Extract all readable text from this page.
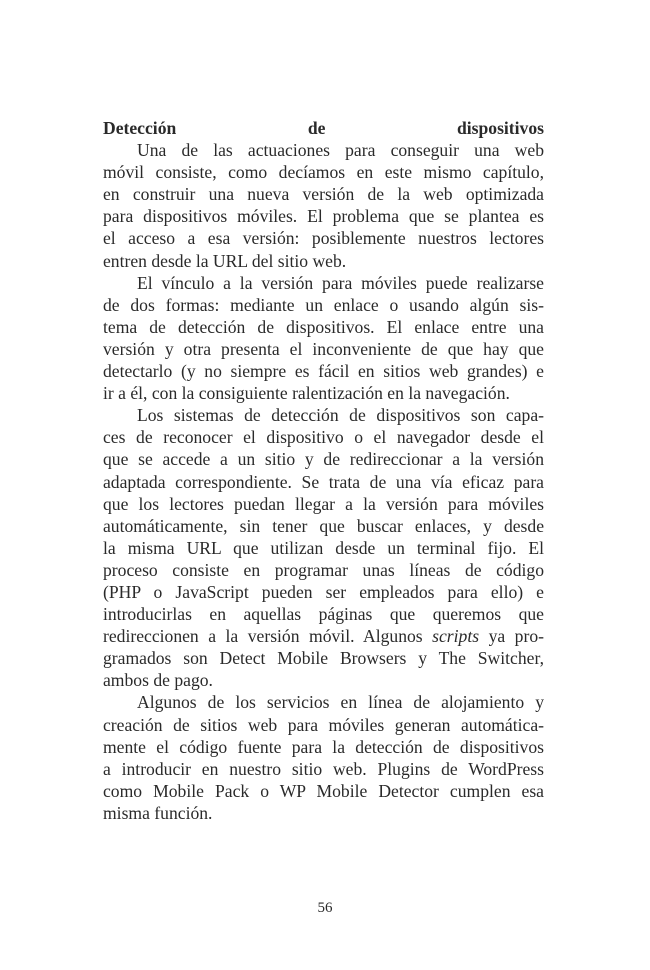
Detección de dispositivos
Una de las actuaciones para conseguir una web
móvil consiste, como decíamos en este mismo capítulo,
en construir una nueva versión de la web optimizada
para dispositivos móviles. El problema que se plantea es
el acceso a esa versión: posiblemente nuestros lectores
entren desde la URL del sitio web.
El vínculo a la versión para móviles puede realizarse
de dos formas: mediante un enlace o usando algún sis-
tema de detección de dispositivos. El enlace entre una
versión y otra presenta el inconveniente de que hay que
detectarlo (y no siempre es fácil en sitios web grandes) e
ir a él, con la consiguiente ralentización en la navegación.
Los sistemas de detección de dispositivos son capa-
ces de reconocer el dispositivo o el navegador desde el
que se accede a un sitio y de redireccionar a la versión
adaptada correspondiente. Se trata de una vía eficaz para
que los lectores puedan llegar a la versión para móviles
automáticamente, sin tener que buscar enlaces, y desde
la misma URL que utilizan desde un terminal fijo. El
proceso consiste en programar unas líneas de código
(PHP o JavaScript pueden ser empleados para ello) e
introducirlas en aquellas páginas que queremos que
redireccionen a la versión móvil. Algunos scripts ya pro-
gramados son Detect Mobile Browsers y The Switcher,
ambos de pago.
Algunos de los servicios en línea de alojamiento y
creación de sitios web para móviles generan automática-
mente el código fuente para la detección de dispositivos
a introducir en nuestro sitio web. Plugins de WordPress
como Mobile Pack o WP Mobile Detector cumplen esa
misma función.
56
